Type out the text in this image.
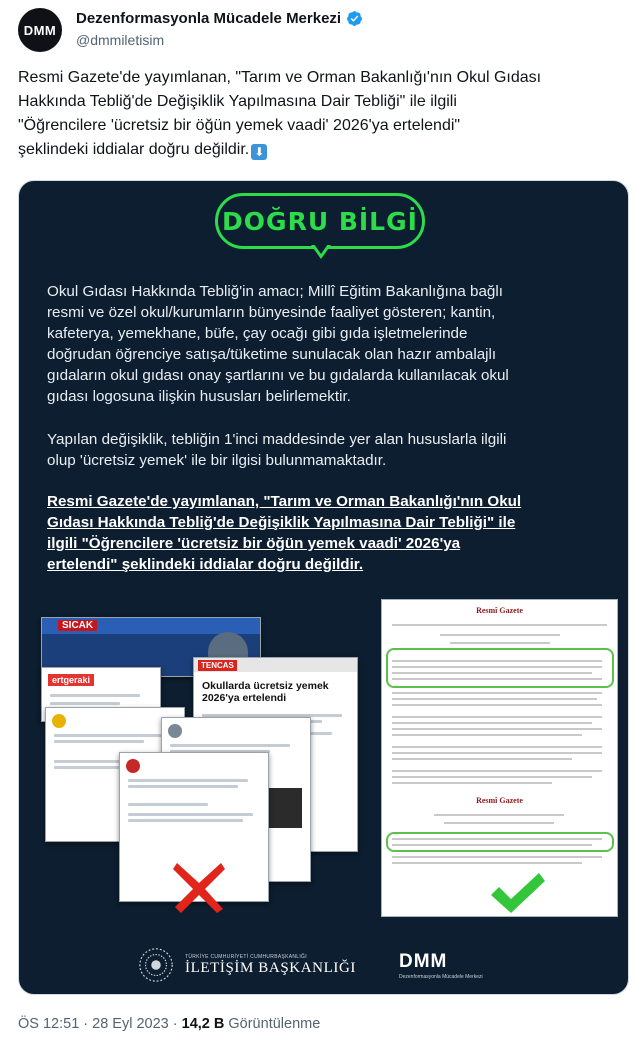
DMM
Dezenformasyonla Mücadele Merkezi
@dmmiletisim

Resmi Gazete'de yayımlanan, "Tarım ve Orman Bakanlığı'nın Okul Gıdası

Hakkında Tebliğ'de Değişiklik Yapılmasına Dair Tebliği" ile ilgili

"Öğrencilere 'ücretsiz bir öğün yemek vaadi' 2026'ya ertelendi"

şeklindeki iddialar doğru değildir. ⬇

DOĞRU BİLGİ
Okul Gıdası Hakkında Tebliğ'in amacı; Millî Eğitim Bakanlığına bağlı
resmi ve özel okul/kurumların bünyesinde faaliyet gösteren; kantin,
kafeterya, yemekhane, büfe, çay ocağı gibi gıda işletmelerinde
doğrudan öğrenciye satışa/tüketime sunulacak olan hazır ambalajlı
gıdaların okul gıdası onay şartlarını ve bu gıdalarda kullanılacak okul
gıdası logosuna ilişkin hususları belirlemektir.
Yapılan değişiklik, tebliğin 1'inci maddesinde yer alan hususlarla ilgili
olup 'ücretsiz yemek' ile bir ilgisi bulunmamaktadır.
Resmi Gazete'de yayımlanan, "Tarım ve Orman Bakanlığı'nın Okul
Gıdası Hakkında Tebliğ'de Değişiklik Yapılmasına Dair Tebliği" ile
ilgili "Öğrencilere 'ücretsiz bir öğün yemek vaadi' 2026'ya
ertelendi" şeklindeki iddialar doğru değildir.
SICAK
ertgeraki
TENCAS
Okullarda ücretsiz yemek 2026'ya ertelendi
Resmî Gazete
Resmî Gazete
TÜRKİYE CUMHURİYETİ CUMHURBAŞKANLIĞI
İLETİŞİM BAŞKANLIĞI DMM
Dezenformasyonla Mücadele Merkezi
ÖS 12:51 · 28 Eyl 2023 · 14,2 B Görüntülenme
